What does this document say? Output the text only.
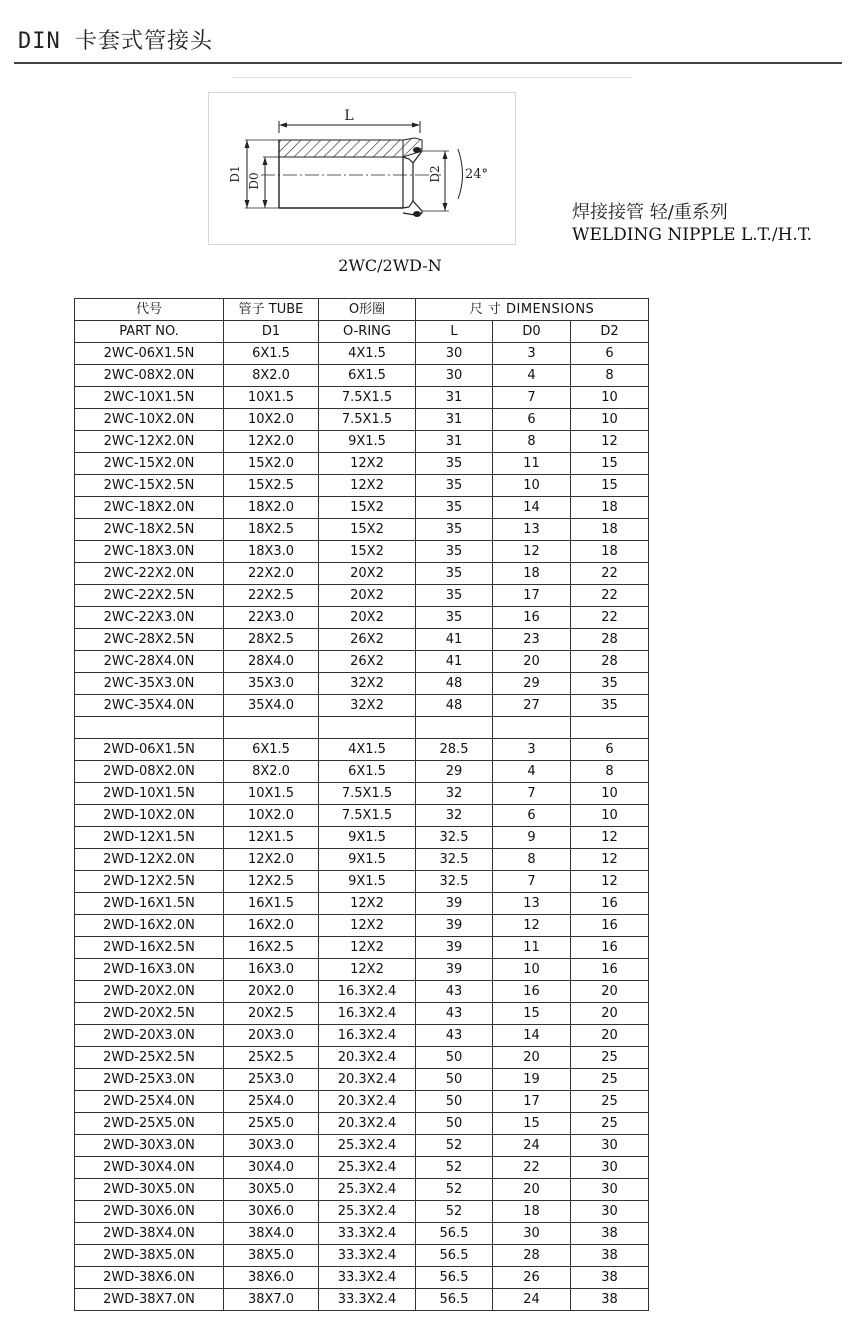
DIN 卡套式管接头
L
D1 D0	D2 24°
2WC/2WD-N
焊接接管 轻/重系列
WELDING NIPPLE L.T./H.T.
代号	管子 TUBE	O形圈	尺 寸 DIMENSIONS		
PART NO.	D1	O-RING	L	D0	D2
2WC-06X1.5N	6X1.5	4X1.5	30	3	6
2WC-08X2.0N	8X2.0	6X1.5	30	4	8
2WC-10X1.5N	10X1.5	7.5X1.5	31	7	10
2WC-10X2.0N	10X2.0	7.5X1.5	31	6	10
2WC-12X2.0N	12X2.0	9X1.5	31	8	12
2WC-15X2.0N	15X2.0	12X2	35	11	15
2WC-15X2.5N	15X2.5	12X2	35	10	15
2WC-18X2.0N	18X2.0	15X2	35	14	18
2WC-18X2.5N	18X2.5	15X2	35	13	18
2WC-18X3.0N	18X3.0	15X2	35	12	18
2WC-22X2.0N	22X2.0	20X2	35	18	22
2WC-22X2.5N	22X2.5	20X2	35	17	22
2WC-22X3.0N	22X3.0	20X2	35	16	22
2WC-28X2.5N	28X2.5	26X2	41	23	28
2WC-28X4.0N	28X4.0	26X2	41	20	28
2WC-35X3.0N	35X3.0	32X2	48	29	35
2WC-35X4.0N	35X4.0	32X2	48	27	35

2WD-06X1.5N	6X1.5	4X1.5	28.5	3	6
2WD-08X2.0N	8X2.0	6X1.5	29	4	8
2WD-10X1.5N	10X1.5	7.5X1.5	32	7	10
2WD-10X2.0N	10X2.0	7.5X1.5	32	6	10
2WD-12X1.5N	12X1.5	9X1.5	32.5	9	12
2WD-12X2.0N	12X2.0	9X1.5	32.5	8	12
2WD-12X2.5N	12X2.5	9X1.5	32.5	7	12
2WD-16X1.5N	16X1.5	12X2	39	13	16
2WD-16X2.0N	16X2.0	12X2	39	12	16
2WD-16X2.5N	16X2.5	12X2	39	11	16
2WD-16X3.0N	16X3.0	12X2	39	10	16
2WD-20X2.0N	20X2.0	16.3X2.4	43	16	20
2WD-20X2.5N	20X2.5	16.3X2.4	43	15	20
2WD-20X3.0N	20X3.0	16.3X2.4	43	14	20
2WD-25X2.5N	25X2.5	20.3X2.4	50	20	25
2WD-25X3.0N	25X3.0	20.3X2.4	50	19	25
2WD-25X4.0N	25X4.0	20.3X2.4	50	17	25
2WD-25X5.0N	25X5.0	20.3X2.4	50	15	25
2WD-30X3.0N	30X3.0	25.3X2.4	52	24	30
2WD-30X4.0N	30X4.0	25.3X2.4	52	22	30
2WD-30X5.0N	30X5.0	25.3X2.4	52	20	30
2WD-30X6.0N	30X6.0	25.3X2.4	52	18	30
2WD-38X4.0N	38X4.0	33.3X2.4	56.5	30	38
2WD-38X5.0N	38X5.0	33.3X2.4	56.5	28	38
2WD-38X6.0N	38X6.0	33.3X2.4	56.5	26	38
2WD-38X7.0N	38X7.0	33.3X2.4	56.5	24	38
